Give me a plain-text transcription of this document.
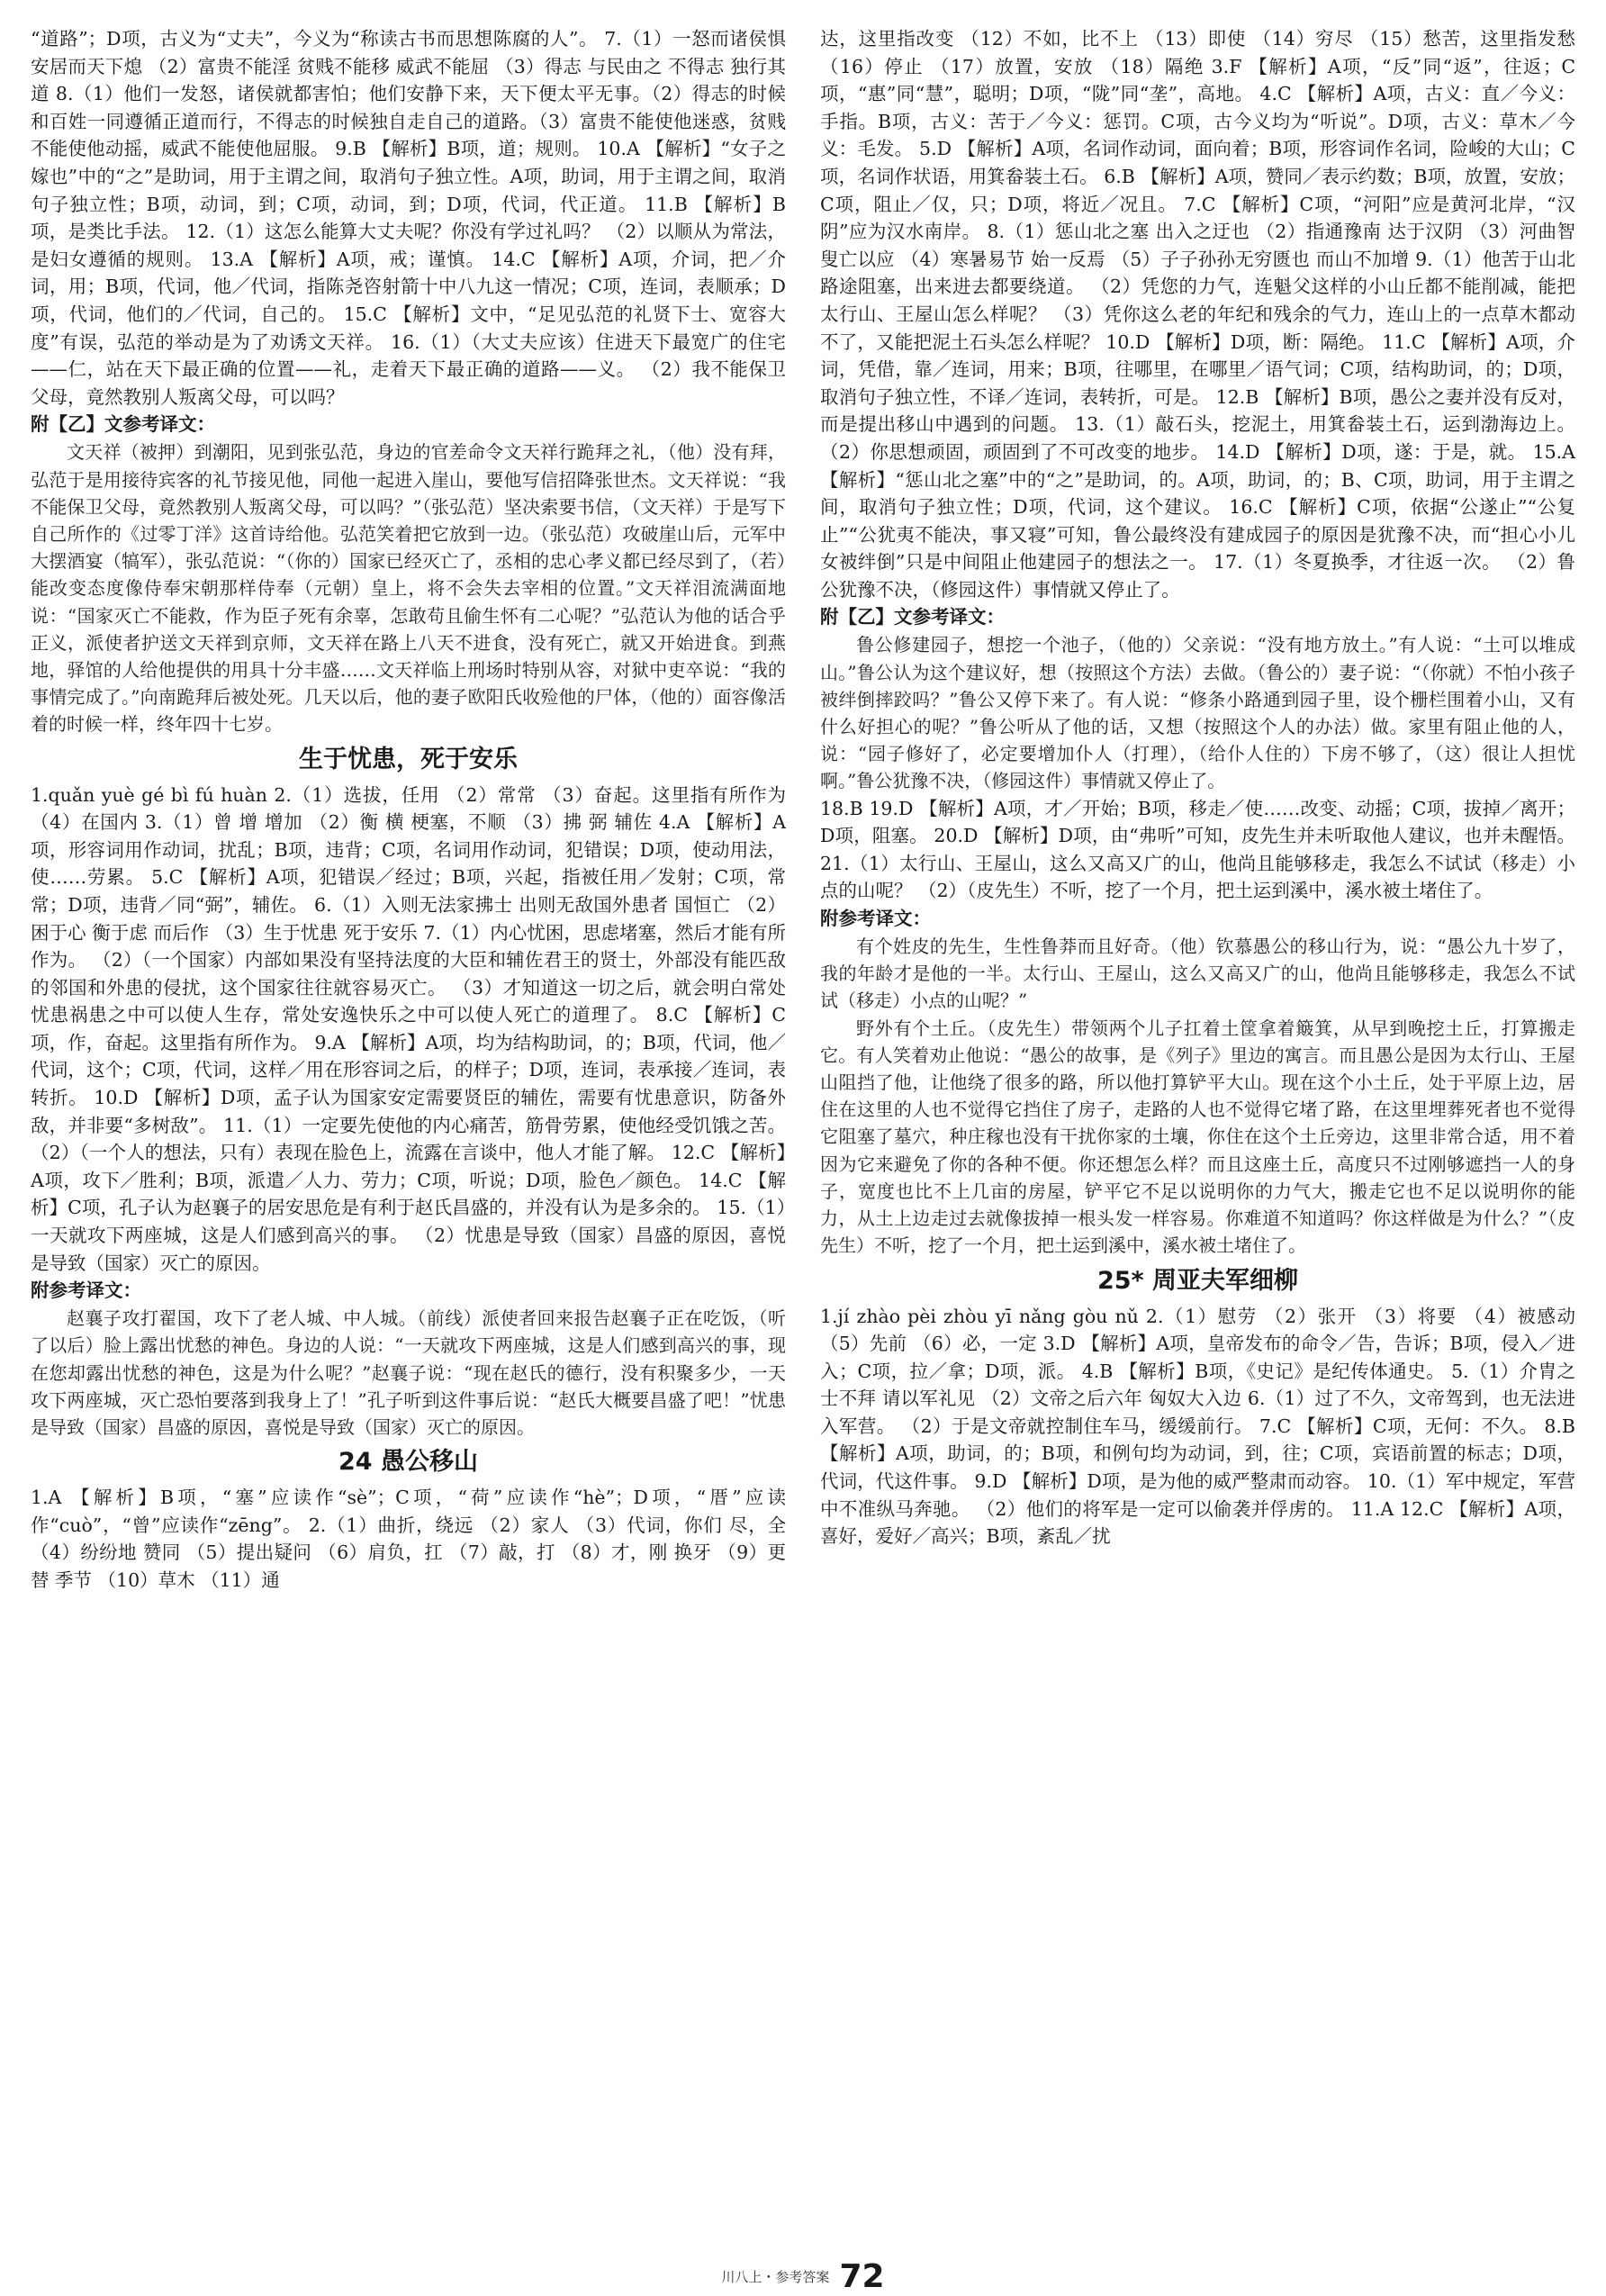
“道路”；D项，古义为“丈夫”，今义为“称读古书而思想陈腐的人”。 7.（1）一怒而诸侯惧 安居而天下熄 （2）富贵不能淫 贫贱不能移 威武不能屈 （3）得志 与民由之 不得志 独行其道 8.（1）他们一发怒，诸侯就都害怕；他们安静下来，天下便太平无事。（2）得志的时候和百姓一同遵循正道而行，不得志的时候独自走自己的道路。（3）富贵不能使他迷惑，贫贱不能使他动摇，威武不能使他屈服。 9.B 【解析】B项，道；规则。 10.A 【解析】“女子之嫁也”中的“之”是助词，用于主谓之间，取消句子独立性。A项，助词，用于主谓之间，取消句子独立性；B项，动词，到；C项，动词，到；D项，代词，代正道。 11.B 【解析】B项，是类比手法。 12.（1）这怎么能算大丈夫呢？你没有学过礼吗？ （2）以顺从为常法，是妇女遵循的规则。 13.A 【解析】A项，戒；谨慎。 14.C 【解析】A项，介词，把／介词，用；B项，代词，他／代词，指陈尧咨射箭十中八九这一情况；C项，连词，表顺承；D项，代词，他们的／代词，自己的。 15.C 【解析】文中，“足见弘范的礼贤下士、宽容大度”有误，弘范的举动是为了劝诱文天祥。 16.（1）（大丈夫应该）住进天下最宽广的住宅——仁，站在天下最正确的位置——礼，走着天下最正确的道路——义。 （2）我不能保卫父母，竟然教别人叛离父母，可以吗？

附【乙】文参考译文：

文天祥（被押）到潮阳，见到张弘范，身边的官差命令文天祥行跪拜之礼，（他）没有拜，弘范于是用接待宾客的礼节接见他，同他一起进入崖山，要他写信招降张世杰。文天祥说：“我不能保卫父母，竟然教别人叛离父母，可以吗？”（张弘范）坚决索要书信，（文天祥）于是写下自己所作的《过零丁洋》这首诗给他。弘范笑着把它放到一边。（张弘范）攻破崖山后，元军中大摆酒宴（犒军），张弘范说：“（你的）国家已经灭亡了，丞相的忠心孝义都已经尽到了，（若）能改变态度像侍奉宋朝那样侍奉（元朝）皇上，将不会失去宰相的位置。”文天祥泪流满面地说：“国家灭亡不能救，作为臣子死有余辜，怎敢苟且偷生怀有二心呢？”弘范认为他的话合乎正义，派使者护送文天祥到京师，文天祥在路上八天不进食，没有死亡，就又开始进食。到燕地，驿馆的人给他提供的用具十分丰盛……文天祥临上刑场时特别从容，对狱中吏卒说：“我的事情完成了。”向南跪拜后被处死。几天以后，他的妻子欧阳氏收殓他的尸体，（他的）面容像活着的时候一样，终年四十七岁。

生于忧患，死于安乐

1.quǎn yuè gé bì fú huàn 2.（1）选拔，任用 （2）常常 （3）奋起。这里指有所作为 （4）在国内 3.（1）曾 增 增加 （2）衡 横 梗塞，不顺 （3）拂 弼 辅佐 4.A 【解析】A项，形容词用作动词，扰乱；B项，违背；C项，名词用作动词，犯错误；D项，使动用法，使……劳累。 5.C 【解析】A项，犯错误／经过；B项，兴起，指被任用／发射；C项，常常；D项，违背／同“弼”，辅佐。 6.（1）入则无法家拂士 出则无敌国外患者 国恒亡 （2）困于心 衡于虑 而后作 （3）生于忧患 死于安乐 7.（1）内心忧困，思虑堵塞，然后才能有所作为。 （2）（一个国家）内部如果没有坚持法度的大臣和辅佐君王的贤士，外部没有能匹敌的邻国和外患的侵扰，这个国家往往就容易灭亡。 （3）才知道这一切之后，就会明白常处忧患祸患之中可以使人生存，常处安逸快乐之中可以使人死亡的道理了。 8.C 【解析】C项，作，奋起。这里指有所作为。 9.A 【解析】A项，均为结构助词，的；B项，代词，他／代词，这个；C项，代词，这样／用在形容词之后，的样子；D项，连词，表承接／连词，表转折。 10.D 【解析】D项，孟子认为国家安定需要贤臣的辅佐，需要有忧患意识，防备外敌，并非要“多树敌”。 11.（1）一定要先使他的内心痛苦，筋骨劳累，使他经受饥饿之苦。 （2）（一个人的想法，只有）表现在脸色上，流露在言谈中，他人才能了解。 12.C 【解析】A项，攻下／胜利；B项，派遣／人力、劳力；C项，听说；D项，脸色／颜色。 14.C 【解析】C项，孔子认为赵襄子的居安思危是有利于赵氏昌盛的，并没有认为是多余的。 15.（1）一天就攻下两座城，这是人们感到高兴的事。 （2）忧患是导致（国家）昌盛的原因，喜悦是导致（国家）灭亡的原因。

附参考译文：

赵襄子攻打翟国，攻下了老人城、中人城。（前线）派使者回来报告赵襄子正在吃饭，（听了以后）脸上露出忧愁的神色。身边的人说：“一天就攻下两座城，这是人们感到高兴的事，现在您却露出忧愁的神色，这是为什么呢？”赵襄子说：“现在赵氏的德行，没有积聚多少，一天攻下两座城，灭亡恐怕要落到我身上了！”孔子听到这件事后说：“赵氏大概要昌盛了吧！”忧患是导致（国家）昌盛的原因，喜悦是导致（国家）灭亡的原因。

24 愚公移山

1.A 【解析】B项，“塞”应读作“sè”；C项，“荷”应读作“hè”；D项，“厝”应读作“cuò”，“曾”应读作“zēng”。 2.（1）曲折，绕远 （2）家人 （3）代词，你们 尽，全 （4）纷纷地 赞同 （5）提出疑问 （6）肩负，扛 （7）敲，打 （8）才，刚 换牙 （9）更替 季节 （10）草木 （11）通

达，这里指改变 （12）不如，比不上 （13）即使 （14）穷尽 （15）愁苦，这里指发愁 （16）停止 （17）放置，安放 （18）隔绝 3.F 【解析】A项，“反”同“返”，往返；C项，“惠”同“慧”，聪明；D项，“陇”同“垄”，高地。 4.C 【解析】A项，古义：直／今义：手指。B项，古义：苦于／今义：惩罚。C项，古今义均为“听说”。D项，古义：草木／今义：毛发。 5.D 【解析】A项，名词作动词，面向着；B项，形容词作名词，险峻的大山；C项，名词作状语，用箕畚装土石。 6.B 【解析】A项，赞同／表示约数；B项，放置，安放；C项，阻止／仅，只；D项，将近／况且。 7.C 【解析】C项，“河阳”应是黄河北岸，“汉阴”应为汉水南岸。 8.（1）惩山北之塞 出入之迂也 （2）指通豫南 达于汉阴 （3）河曲智叟亡以应 （4）寒暑易节 始一反焉 （5）子子孙孙无穷匮也 而山不加增 9.（1）他苦于山北路途阻塞，出来进去都要绕道。 （2）凭您的力气，连魁父这样的小山丘都不能削减，能把太行山、王屋山怎么样呢？ （3）凭你这么老的年纪和残余的气力，连山上的一点草木都动不了，又能把泥土石头怎么样呢？ 10.D 【解析】D项，断：隔绝。 11.C 【解析】A项，介词，凭借，靠／连词，用来；B项，往哪里，在哪里／语气词；C项，结构助词，的；D项，取消句子独立性，不译／连词，表转折，可是。 12.B 【解析】B项，愚公之妻并没有反对，而是提出移山中遇到的问题。 13.（1）敲石头，挖泥土，用箕畚装土石，运到渤海边上。 （2）你思想顽固，顽固到了不可改变的地步。 14.D 【解析】D项，遂：于是，就。 15.A 【解析】“惩山北之塞”中的“之”是助词，的。A项，助词，的；B、C项，助词，用于主谓之间，取消句子独立性；D项，代词，这个建议。 16.C 【解析】C项，依据“公遂止”“公复止”“公犹夷不能决，事又寝”可知，鲁公最终没有建成园子的原因是犹豫不决，而“担心小儿女被绊倒”只是中间阻止他建园子的想法之一。 17.（1）冬夏换季，才往返一次。 （2）鲁公犹豫不决，（修园这件）事情就又停止了。

附【乙】文参考译文：

鲁公修建园子，想挖一个池子，（他的）父亲说：“没有地方放土。”有人说：“土可以堆成山。”鲁公认为这个建议好，想（按照这个方法）去做。（鲁公的）妻子说：“（你就）不怕小孩子被绊倒摔跤吗？”鲁公又停下来了。有人说：“修条小路通到园子里，设个栅栏围着小山，又有什么好担心的呢？”鲁公听从了他的话，又想（按照这个人的办法）做。家里有阻止他的人，说：“园子修好了，必定要增加仆人（打理），（给仆人住的）下房不够了，（这）很让人担忧啊。”鲁公犹豫不决，（修园这件）事情就又停止了。

18.B 19.D 【解析】A项，才／开始；B项，移走／使……改变、动摇；C项，拔掉／离开；D项，阻塞。 20.D 【解析】D项，由“弗听”可知，皮先生并未听取他人建议，也并未醒悟。 21.（1）太行山、王屋山，这么又高又广的山，他尚且能够移走，我怎么不试试（移走）小点的山呢？ （2）（皮先生）不听，挖了一个月，把土运到溪中，溪水被土堵住了。

附参考译文：

有个姓皮的先生，生性鲁莽而且好奇。（他）钦慕愚公的移山行为，说：“愚公九十岁了，我的年龄才是他的一半。太行山、王屋山，这么又高又广的山，他尚且能够移走，我怎么不试试（移走）小点的山呢？”

野外有个土丘。（皮先生）带领两个儿子扛着土筐拿着簸箕，从早到晚挖土丘，打算搬走它。有人笑着劝止他说：“愚公的故事，是《列子》里边的寓言。而且愚公是因为太行山、王屋山阻挡了他，让他绕了很多的路，所以他打算铲平大山。现在这个小土丘，处于平原上边，居住在这里的人也不觉得它挡住了房子，走路的人也不觉得它堵了路，在这里埋葬死者也不觉得它阻塞了墓穴，种庄稼也没有干扰你家的土壤，你住在这个土丘旁边，这里非常合适，用不着因为它来避免了你的各种不便。你还想怎么样？而且这座土丘，高度只不过刚够遮挡一人的身子，宽度也比不上几亩的房屋，铲平它不足以说明你的力气大，搬走它也不足以说明你的能力，从土上边走过去就像拔掉一根头发一样容易。你难道不知道吗？你这样做是为什么？”（皮先生）不听，挖了一个月，把土运到溪中，溪水被土堵住了。

25* 周亚夫军细柳

1.jí zhào pèi zhòu yī nǎng gòu nǔ 2.（1）慰劳 （2）张开 （3）将要 （4）被感动 （5）先前 （6）必，一定 3.D 【解析】A项，皇帝发布的命令／告，告诉；B项，侵入／进入；C项，拉／拿；D项，派。 4.B 【解析】B项，《史记》是纪传体通史。 5.（1）介胄之士不拜 请以军礼见 （2）文帝之后六年 匈奴大入边 6.（1）过了不久，文帝驾到，也无法进入军营。 （2）于是文帝就控制住车马，缓缓前行。 7.C 【解析】C项，无何：不久。 8.B 【解析】A项，助词，的；B项，和例句均为动词，到，往；C项，宾语前置的标志；D项，代词，代这件事。 9.D 【解析】D项，是为他的威严整肃而动容。 10.（1）军中规定，军营中不准纵马奔驰。 （2）他们的将军是一定可以偷袭并俘虏的。 11.A 12.C 【解析】A项，喜好，爱好／高兴；B项，紊乱／扰

川八上・参考答案 72
